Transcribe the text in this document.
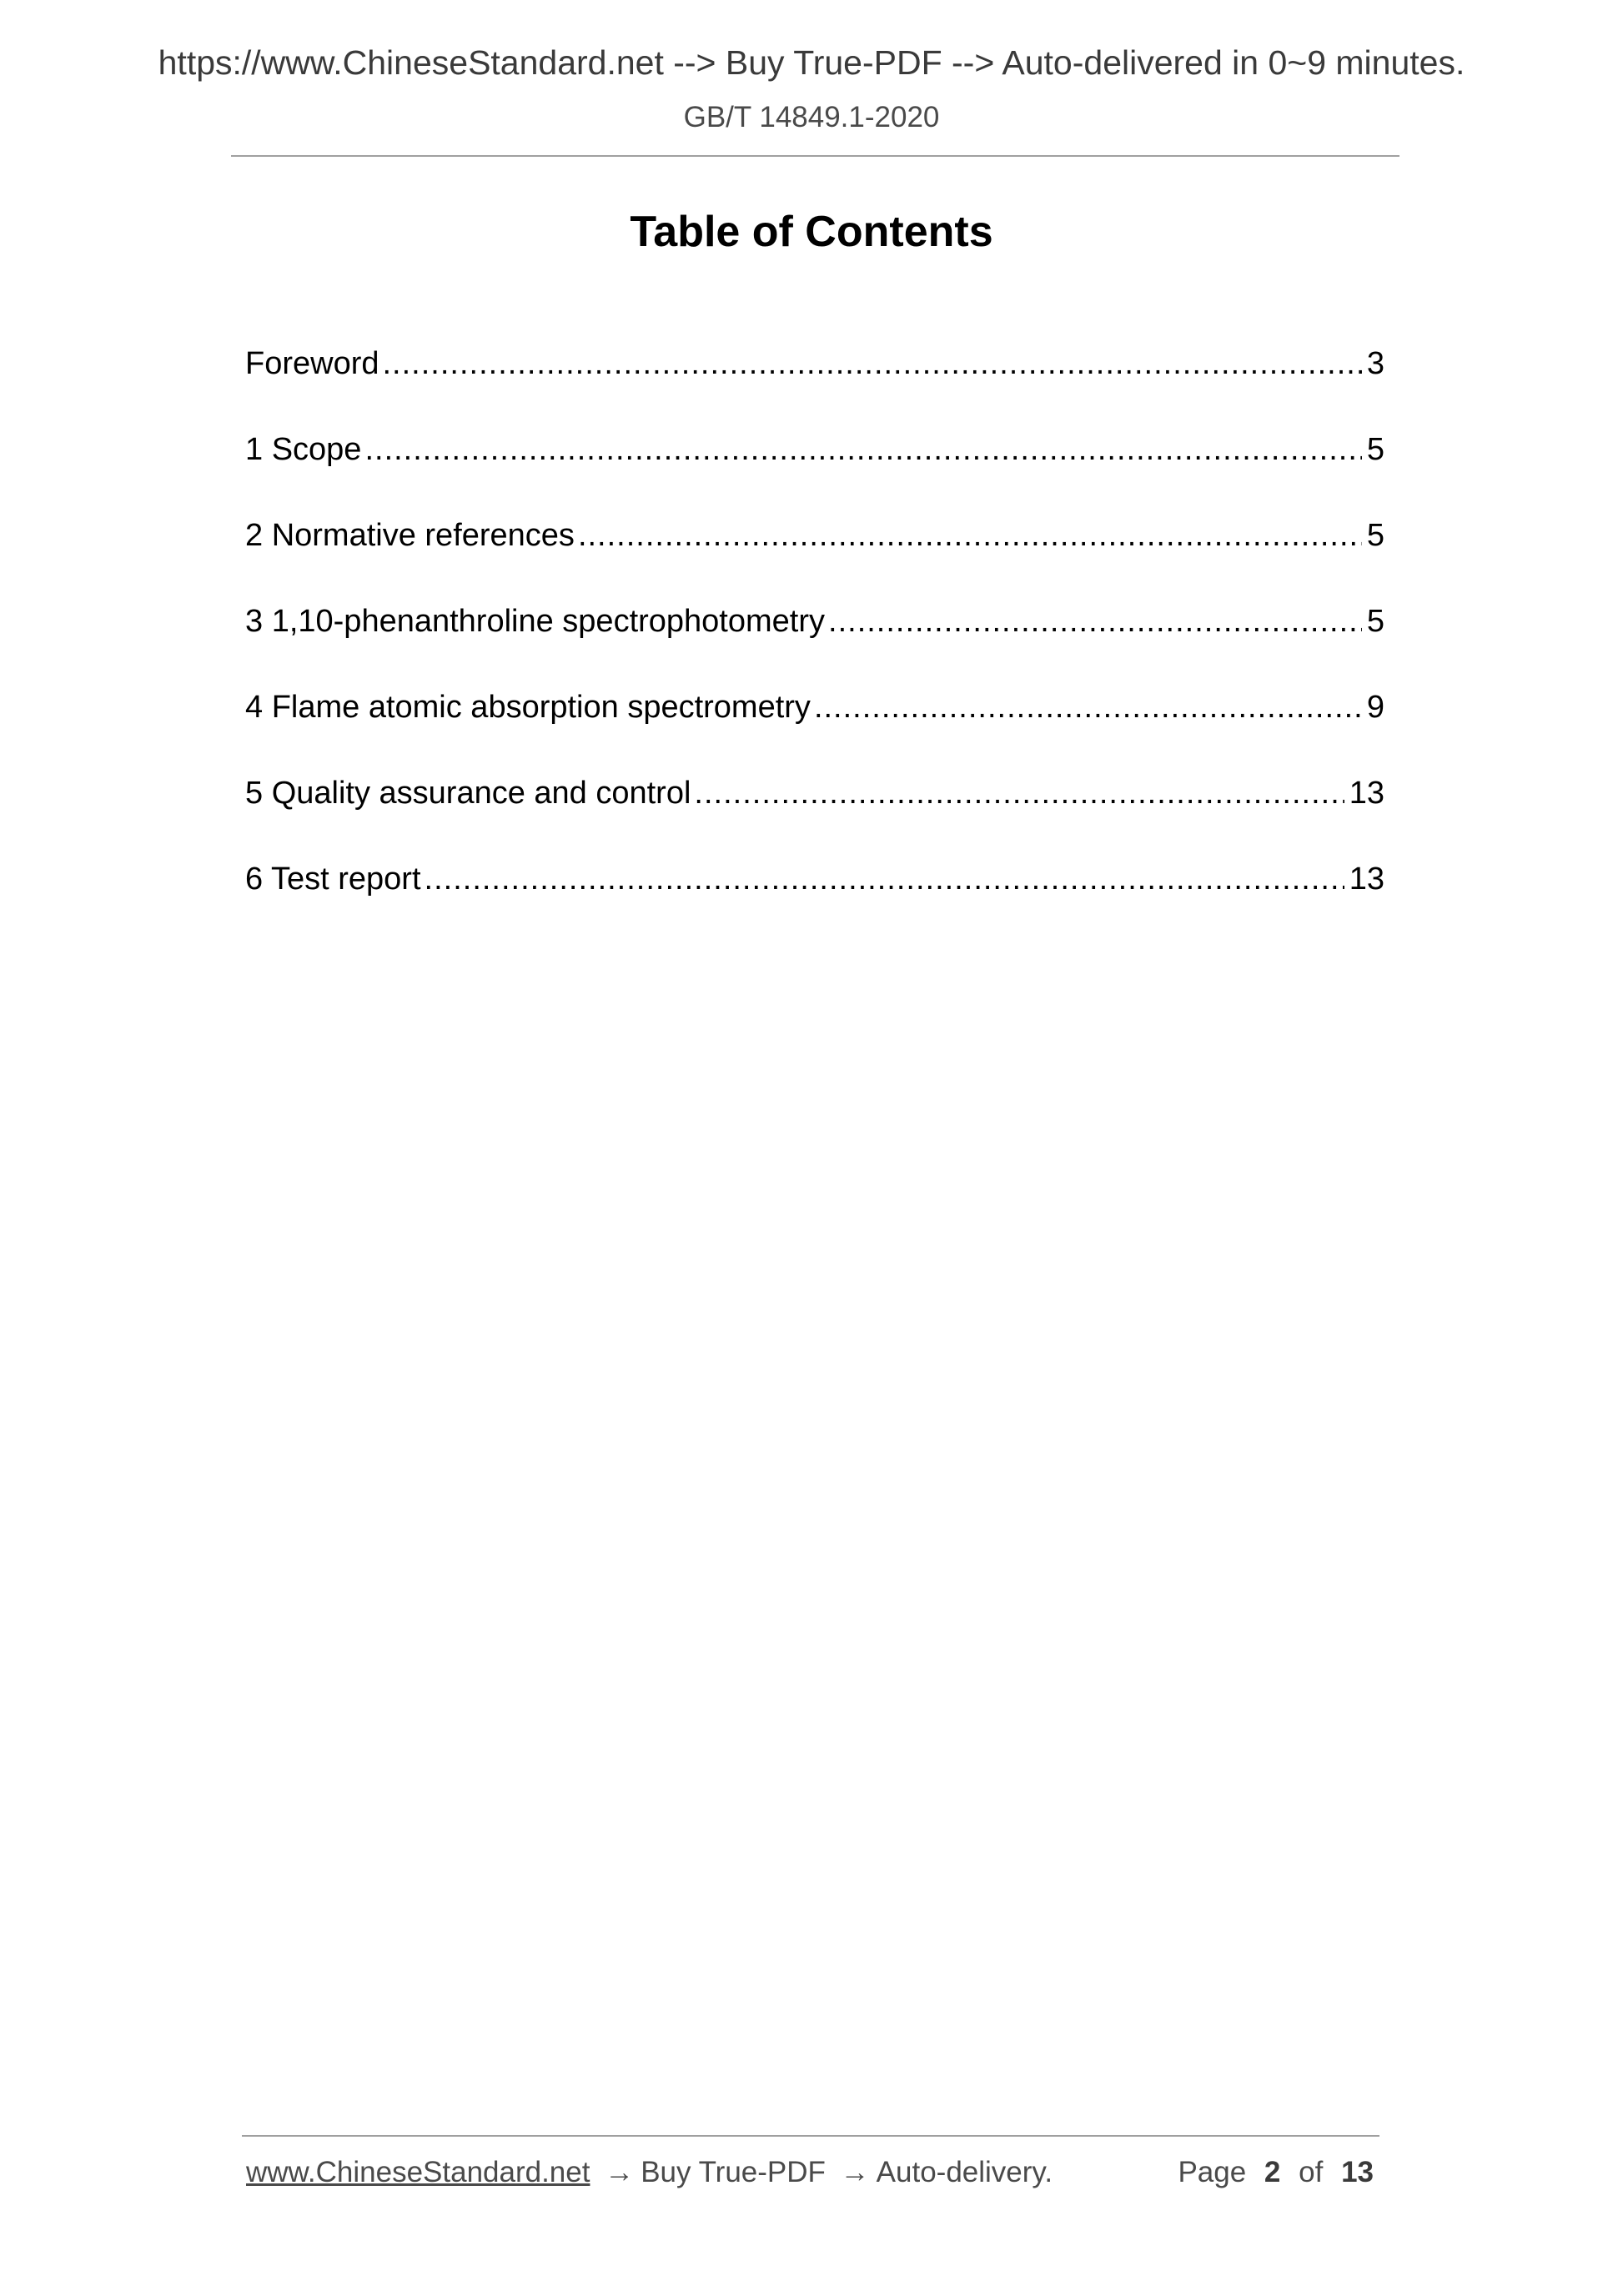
https://www.ChineseStandard.net --> Buy True-PDF --> Auto-delivered in 0~9 minutes.
GB/T 14849.1-2020
Table of Contents
Foreword .....	3
1 Scope .....	5
2 Normative references .....	5
3 1,10-phenanthroline spectrophotometry .....	5
4 Flame atomic absorption spectrometry .....	9
5 Quality assurance and control .....	13
6 Test report .....	13
www.ChineseStandard.net → Buy True-PDF → Auto-delivery.	Page 2 of 13
